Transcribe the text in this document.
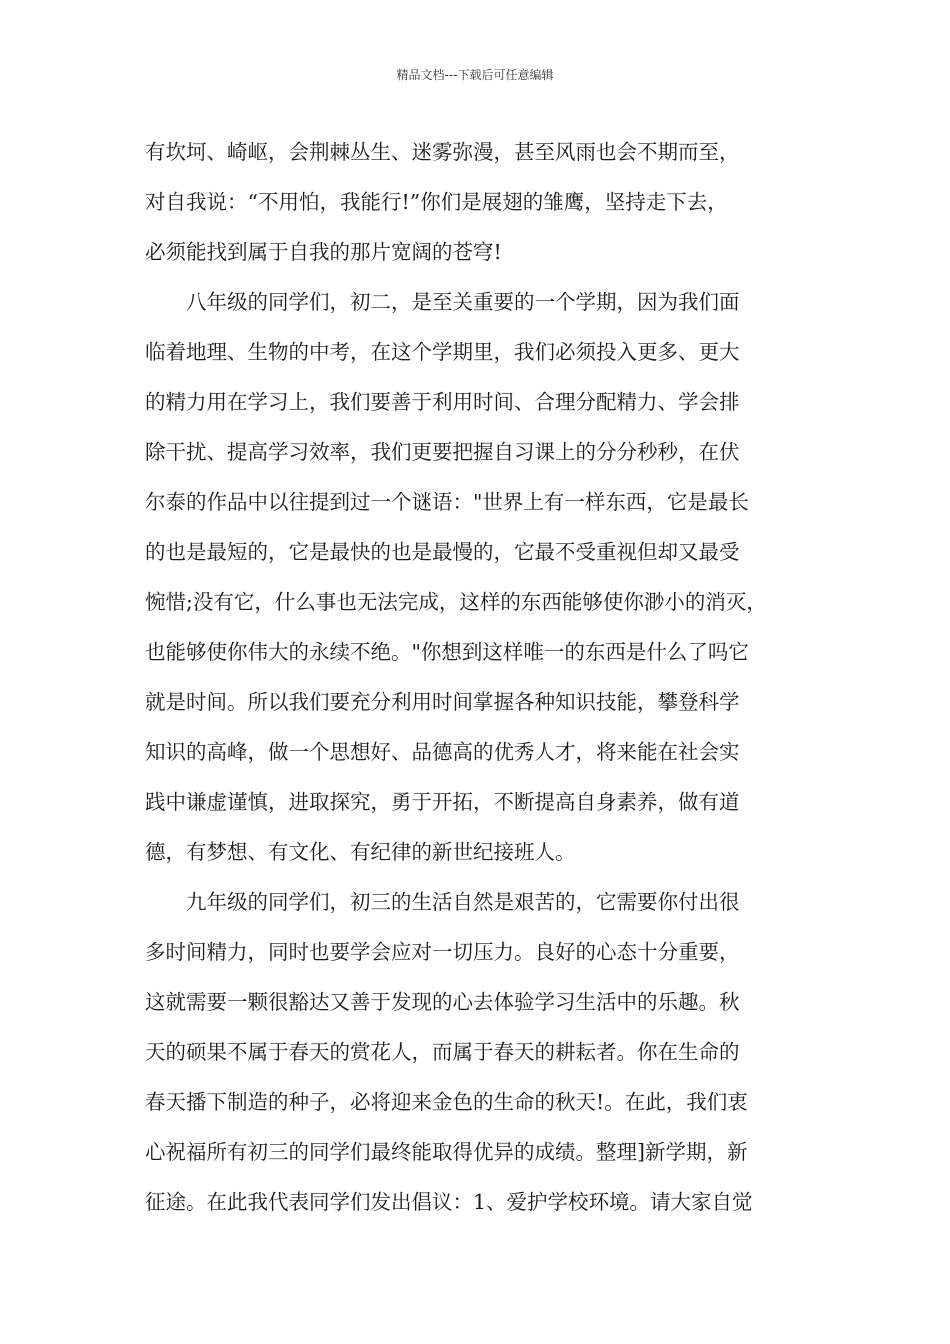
精品文档---下载后可任意编辑
有坎坷、崎岖，会荆棘丛生、迷雾弥漫，甚至风雨也会不期而至，
对自我说：“不用怕，我能行!”你们是展翅的雏鹰，坚持走下去，
必须能找到属于自我的那片宽阔的苍穹!
八年级的同学们，初二，是至关重要的一个学期，因为我们面
临着地理、生物的中考，在这个学期里，我们必须投入更多、更大
的精力用在学习上，我们要善于利用时间、合理分配精力、学会排
除干扰、提高学习效率，我们更要把握自习课上的分分秒秒，在伏
尔泰的作品中以往提到过一个谜语："世界上有一样东西，它是最长
的也是最短的，它是最快的也是最慢的，它最不受重视但却又最受
惋惜;没有它，什么事也无法完成，这样的东西能够使你渺小的消灭，
也能够使你伟大的永续不绝。"你想到这样唯一的东西是什么了吗它
就是时间。所以我们要充分利用时间掌握各种知识技能，攀登科学
知识的高峰，做一个思想好、品德高的优秀人才，将来能在社会实
践中谦虚谨慎，进取探究，勇于开拓，不断提高自身素养，做有道
德，有梦想、有文化、有纪律的新世纪接班人。
九年级的同学们，初三的生活自然是艰苦的，它需要你付出很
多时间精力，同时也要学会应对一切压力。良好的心态十分重要，
这就需要一颗很豁达又善于发现的心去体验学习生活中的乐趣。秋
天的硕果不属于春天的赏花人，而属于春天的耕耘者。你在生命的
春天播下制造的种子，必将迎来金色的生命的秋天!。在此，我们衷
心祝福所有初三的同学们最终能取得优异的成绩。整理]新学期，新
征途。在此我代表同学们发出倡议：1、爱护学校环境。请大家自觉
